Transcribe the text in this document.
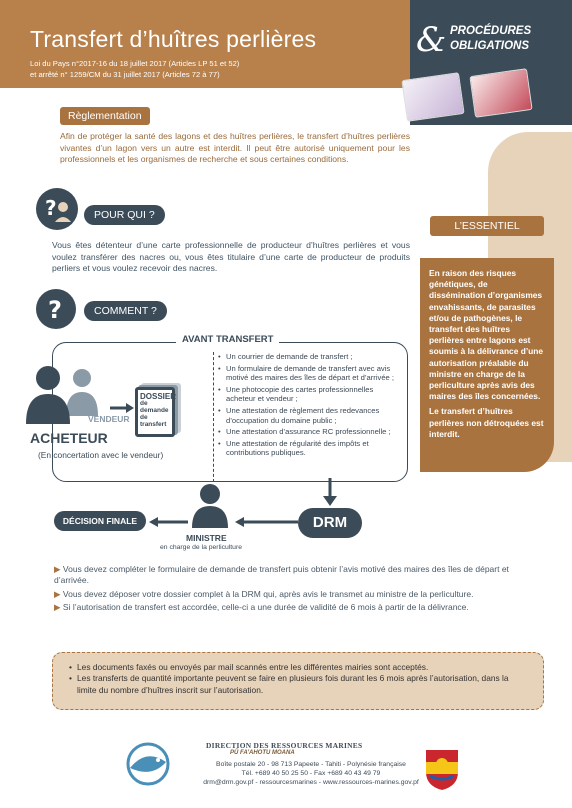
Transfert d’huîtres perlières
Loi du Pays n°2017-16 du 18 juillet 2017 (Articles LP 51 et 52)
et arrêté n° 1259/CM du 31 juillet 2017 (Articles 72 à 77)
& PROCÉDURES
OBLIGATIONS
Règlementation
Afin de protéger la santé des lagons et des huîtres perlières, le transfert d’huîtres perlières vivantes d’un lagon vers un autre est interdit. Il peut être autorisé uniquement pour les professionnels et les organismes de recherche et sous certaines conditions.
L’ESSENTIEL

En raison des risques génétiques, de dissémination d’organismes envahissants, de parasites et/ou de pathogènes, le transfert des huîtres perlières entre lagons est soumis à la délivrance d’une autorisation préalable du ministre en charge de la perliculture après avis des maires des îles concernées.

Le transfert d’huîtres perlières non détroquées est interdit.

?	POUR QUI ?
Vous êtes détenteur d’une carte professionnelle de producteur d’huîtres perlières et vous voulez transférer des nacres ou, vous êtes titulaire d’une carte de producteur de produits perliers et vous voulez recevoir des nacres.
?	COMMENT ?
AVANT TRANSFERT
VENDEUR
ACHETEUR
(En concertation avec le vendeur)
DOSSIER
de demande
de transfert
• Un courrier de demande de transfert ;
• Un formulaire de demande de transfert avec avis motivé des maires des îles de départ et d’arrivée ;
• Une photocopie des cartes professionnelles acheteur et vendeur ;
• Une attestation de règlement des redevances d’occupation du domaine public ;
• Une attestation d’assurance RC professionnelle ;
• Une attestation de régularité des impôts et contributions publiques.
DRM
DÉCISION FINALE
MINISTRE
en charge de la perliculture

▶ Vous devez compléter le formulaire de demande de transfert puis obtenir l’avis motivé des maires des îles de départ et d’arrivée.

▶ Vous devez déposer votre dossier complet à la DRM qui, après avis le transmet au ministre de la perliculture.

▶ Si l’autorisation de transfert est accordée, celle-ci a une durée de validité de 6 mois à partir de la délivrance.

• Les documents faxés ou envoyés par mail scannés entre les différentes mairies sont acceptés.
• Les transferts de quantité importante peuvent se faire en plusieurs fois durant les 6 mois après l’autorisation, dans la limite du nombre d’huîtres inscrit sur l’autorisation.
DIRECTION DES RESSOURCES MARINES
PŪ FA’AHOTU MOANA
Boîte postale 20 - 98 713 Papeete - Tahiti - Polynésie française
Tél. +689 40 50 25 50 - Fax +689 40 43 49 79
drm@drm.gov.pf - ressourcesmarines - www.ressources-marines.gov.pf
